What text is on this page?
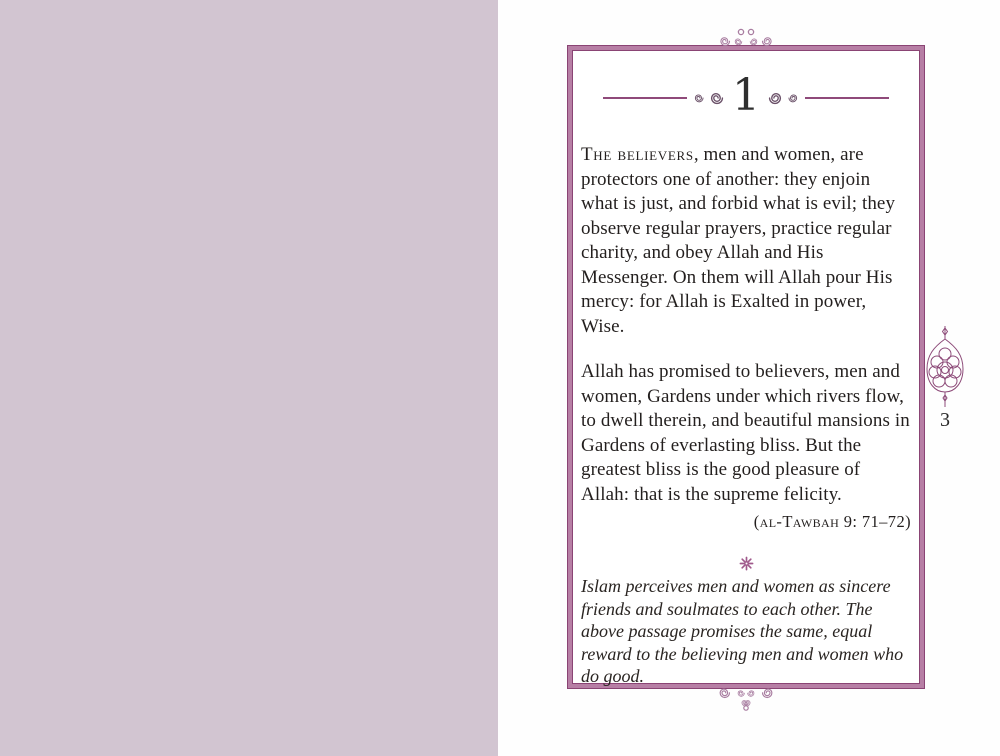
1

The believers, men and women, are protectors one of another: they enjoin what is just, and forbid what is evil; they observe regular prayers, practice regular charity, and obey Allah and His Messenger. On them will Allah pour His mercy: for Allah is Exalted in power, Wise.

Allah has promised to believers, men and women, Gardens under which rivers flow, to dwell therein, and beautiful mansions in Gardens of everlasting bliss. But the greatest bliss is the good pleasure of Allah: that is the supreme felicity.

(al-Tawbah 9: 71–72)

Islam perceives men and women as sincere friends and soulmates to each other. The above passage promises the same, equal reward to the believing men and women who do good.

3
